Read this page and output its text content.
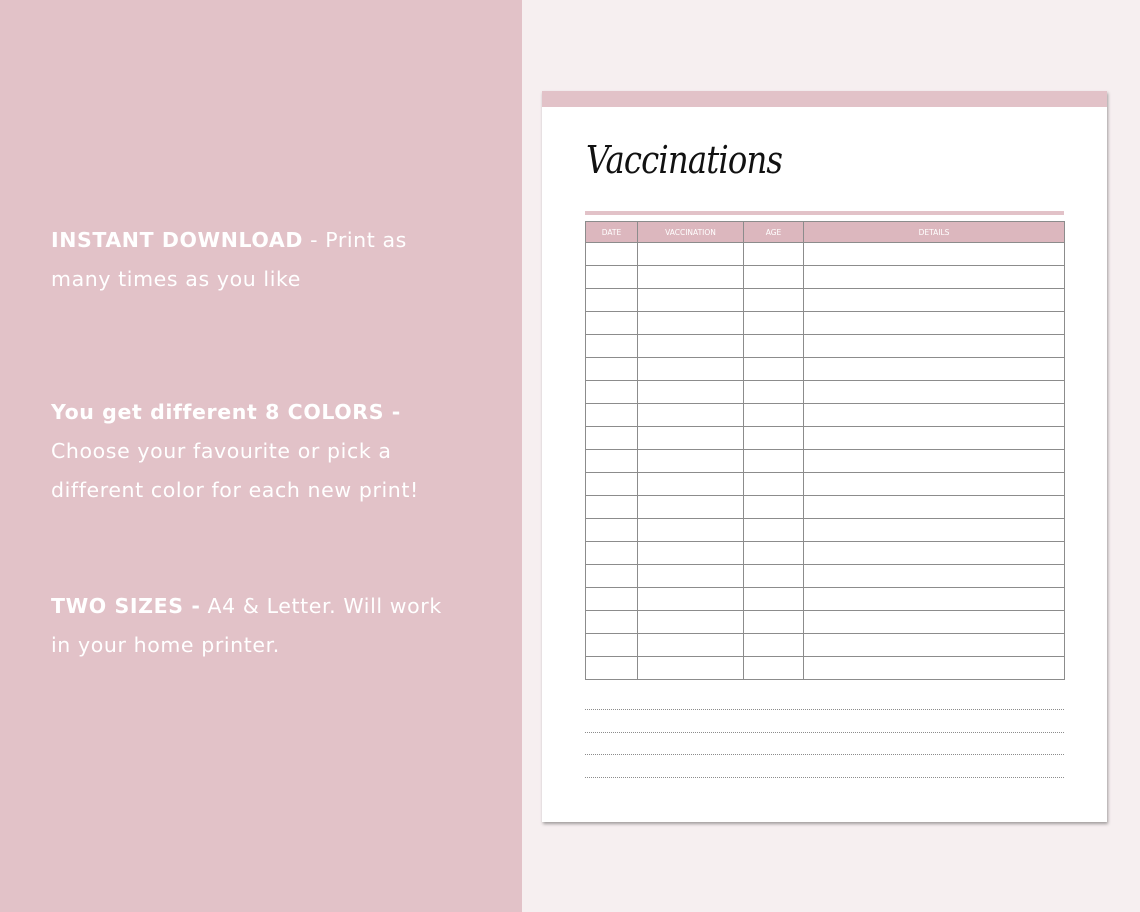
INSTANT DOWNLOAD - Print as many times as you like
You get different 8 COLORS - Choose your favourite or pick a different color for each new print!
TWO SIZES - A4 & Letter. Will work in your home printer.
Vaccinations
DATE	VACCINATION	AGE	DETAILS
